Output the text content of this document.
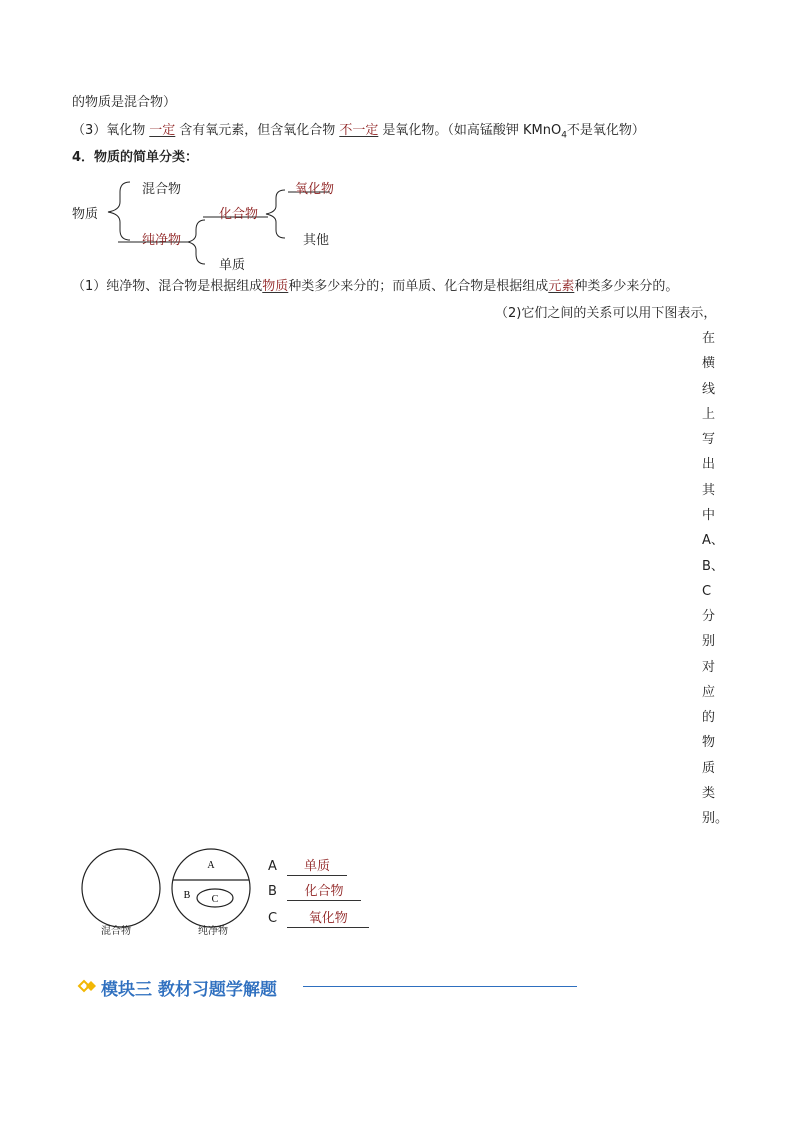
的物质是混合物）
（3）氧化物 一定 含有氧元素，但含氧化合物 不一定 是氧化物。（如高锰酸钾 KMnO$_4$不是氧化物）
4．物质的简单分类：
物质
混合物
纯净物
化合物
单质
氧化物
其他
（1）纯净物、混合物是根据组成物质种类多少来分的；而单质、化合物是根据组成元素种类多少来分的。
（2)它们之间的关系可以用下图表示，
在
横
线
上
写
出
其
中
A、
B、
C
分
别
对
应
的
物
质
类
别。
A
B C
混合物	纯净物
A 单质
B 化合物
C 氧化物
模块三 教材习题学解题
